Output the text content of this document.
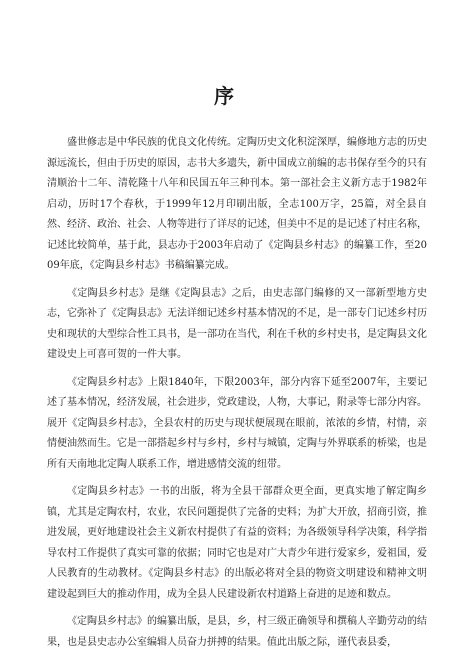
序

盛世修志是中华民族的优良文化传统。定陶历史文化积淀深厚，编修地方志的历史源远流长，但由于历史的原因，志书大多遗失，新中国成立前编的志书保存至今的只有清顺治十二年、清乾隆十八年和民国五年三种刊本。第一部社会主义新方志于1982年启动，历时17个春秋，于1999年12月印刷出版，全志100万字，25篇，对全县自然、经济、政治、社会、人物等进行了详尽的记述，但美中不足的是记述了村庄名称，记述比较简单，基于此，县志办于2003年启动了《定陶县乡村志》的编纂工作，至2009年底，《定陶县乡村志》书稿编纂完成。

《定陶县乡村志》是继《定陶县志》之后，由史志部门编修的又一部新型地方史志，它弥补了《定陶县志》无法详细记述乡村基本情况的不足，是一部专门记述乡村历史和现状的大型综合性工具书，是一部功在当代，利在千秋的乡村史书，是定陶县文化建设史上可喜可贺的一件大事。

《定陶县乡村志》上限1840年，下限2003年，部分内容下延至2007年，主要记述了基本情况，经济发展，社会进步，党政建设，人物，大事记，附录等七部分内容。展开《定陶县乡村志》，全县农村的历史与现状便展现在眼前，浓浓的乡情，村情，亲情便油然而生。它是一部搭起乡村与乡村，乡村与城镇，定陶与外界联系的桥梁，也是所有天南地北定陶人联系工作，增进感情交流的纽带。

《定陶县乡村志》一书的出版，将为全县干部群众更全面，更真实地了解定陶乡镇，尤其是定陶农村，农业，农民问题提供了完备的史料；为扩大开放，招商引资，推进发展，更好地建设社会主义新农村提供了有益的资料；为各级领导科学决策，科学指导农村工作提供了真实可靠的依据；同时它也是对广大青少年进行爱家乡，爱祖国，爱人民教育的生动教材。《定陶县乡村志》的出版必将对全县的物资文明建设和精神文明建设起到巨大的推动作用，成为全县人民建设新农村道路上奋进的足迹和数点。

《定陶县乡村志》的编纂出版，是县，乡，村三级正确领导和撰稿人辛勤劳动的结果，也是县史志办公室编辑人员奋力拼搏的结果。值此出版之际，谨代表县委，
